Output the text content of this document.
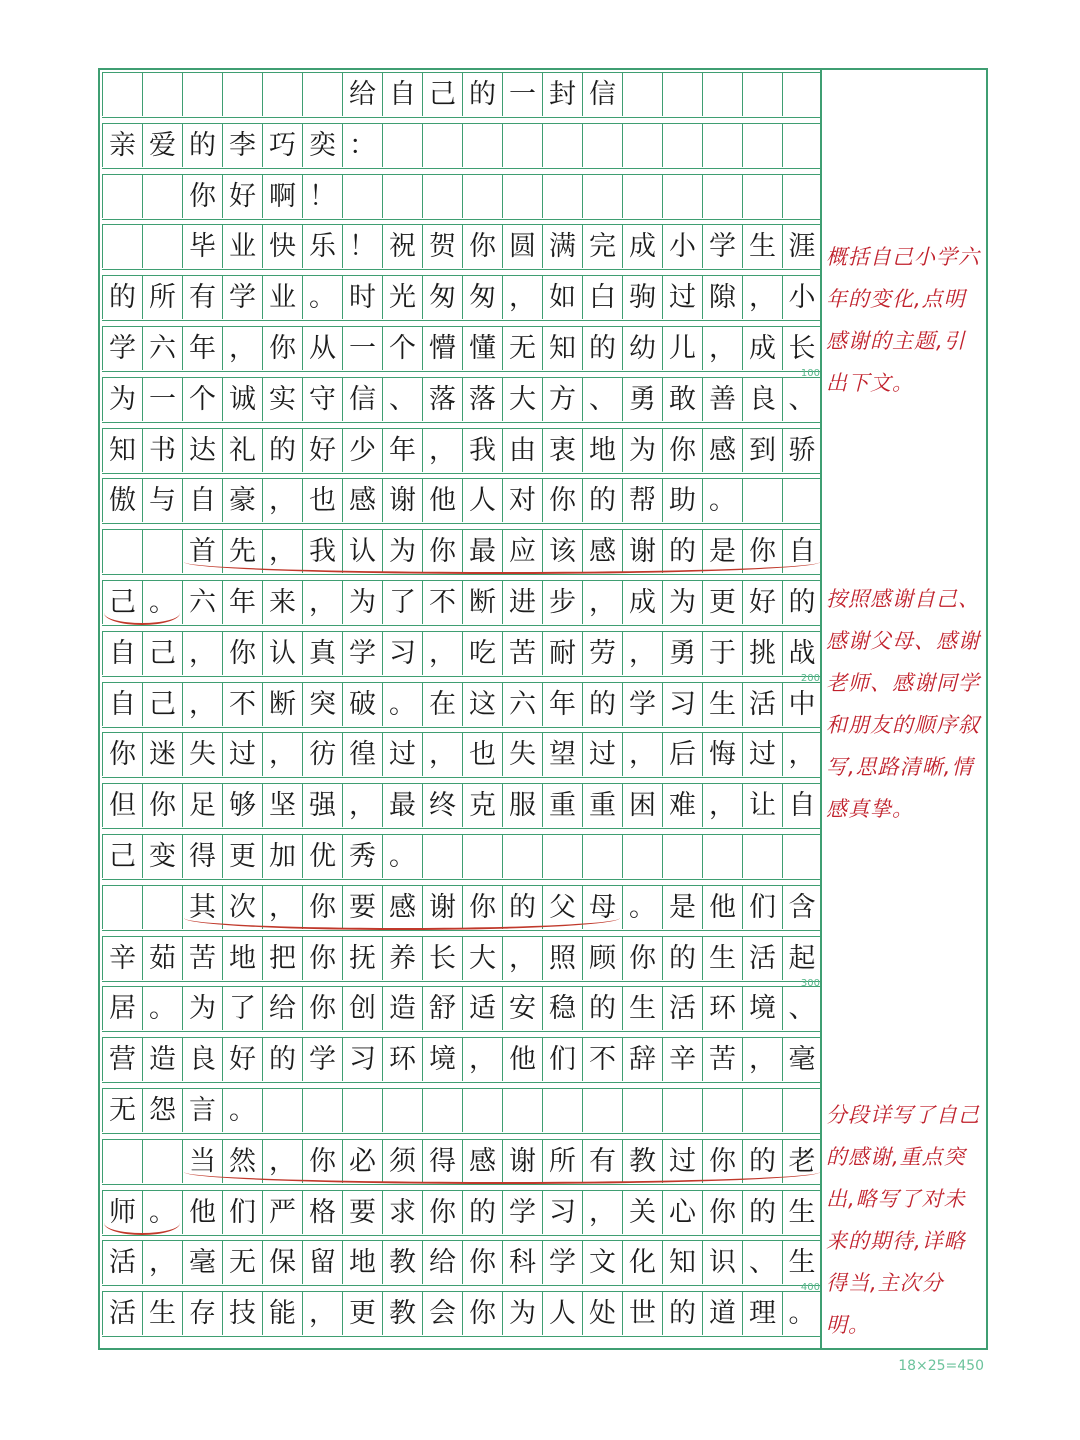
给 自 己 的 一 封 信
亲 爱 的 李 巧 奕 ：
你 好 啊 ！
毕 业 快 乐 ！ 祝 贺 你 圆 满 完 成 小 学 生 涯
的 所 有 学 业 。 时 光 匆 匆 ， 如 白 驹 过 隙 ， 小
学 六 年 ， 你 从 一 个 懵 懂 无 知 的 幼 儿 ， 成 长
为 一 个 诚 实 守 信 、 落 落 大 方 、 勇 敢 善 良 、
知 书 达 礼 的 好 少 年 ， 我 由 衷 地 为 你 感 到 骄
傲 与 自 豪 ， 也 感 谢 他 人 对 你 的 帮 助 。
首 先 ， 我 认 为 你 最 应 该 感 谢 的 是 你 自
己 。 六 年 来 ， 为 了 不 断 进 步 ， 成 为 更 好 的
自 己 ， 你 认 真 学 习 ， 吃 苦 耐 劳 ， 勇 于 挑 战
自 己 ， 不 断 突 破 。 在 这 六 年 的 学 习 生 活 中
你 迷 失 过 ， 彷 徨 过 ， 也 失 望 过 ， 后 悔 过 ，
但 你 足 够 坚 强 ， 最 终 克 服 重 重 困 难 ， 让 自
己 变 得 更 加 优 秀 。
其 次 ， 你 要 感 谢 你 的 父 母 。 是 他 们 含
辛 茹 苦 地 把 你 抚 养 长 大 ， 照 顾 你 的 生 活 起
居 。 为 了 给 你 创 造 舒 适 安 稳 的 生 活 环 境 、
营 造 良 好 的 学 习 环 境 ， 他 们 不 辞 辛 苦 ， 毫
无 怨 言 。
当 然 ， 你 必 须 得 感 谢 所 有 教 过 你 的 老
师 。 他 们 严 格 要 求 你 的 学 习 ， 关 心 你 的 生
活 ， 毫 无 保 留 地 教 给 你 科 学 文 化 知 识 、 生
活 生 存 技 能 ， 更 教 会 你 为 人 处 世 的 道 理 。
100
200
300
400
概括自己小学六年的变化,点明感谢的主题,引出下文。
按照感谢自己、感谢父母、感谢老师、感谢同学和朋友的顺序叙写,思路清晰,情感真挚。
分段详写了自己的感谢,重点突出,略写了对未来的期待,详略得当,主次分明。
18×25=450
